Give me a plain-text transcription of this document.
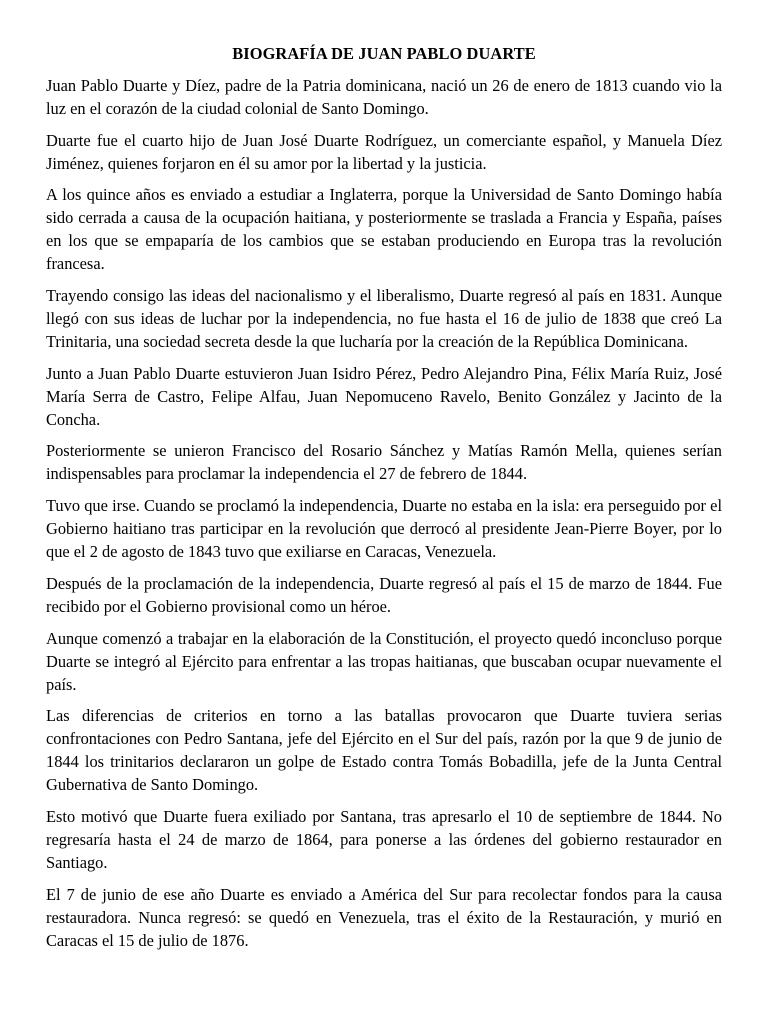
BIOGRAFÍA DE JUAN PABLO DUARTE

Juan Pablo Duarte y Díez, padre de la Patria dominicana, nació un 26 de enero de 1813 cuando vio la luz en el corazón de la ciudad colonial de Santo Domingo.

Duarte fue el cuarto hijo de Juan José Duarte Rodríguez, un comerciante español, y Manuela Díez Jiménez, quienes forjaron en él su amor por la libertad y la justicia.

A los quince años es enviado a estudiar a Inglaterra, porque la Universidad de Santo Domingo había sido cerrada a causa de la ocupación haitiana, y posteriormente se traslada a Francia y España, países en los que se empaparía de los cambios que se estaban produciendo en Europa tras la revolución francesa.

Trayendo consigo las ideas del nacionalismo y el liberalismo, Duarte regresó al país en 1831. Aunque llegó con sus ideas de luchar por la independencia, no fue hasta el 16 de julio de 1838 que creó La Trinitaria, una sociedad secreta desde la que lucharía por la creación de la República Dominicana.

Junto a Juan Pablo Duarte estuvieron Juan Isidro Pérez, Pedro Alejandro Pina, Félix María Ruiz, José María Serra de Castro, Felipe Alfau, Juan Nepomuceno Ravelo, Benito González y Jacinto de la Concha.

Posteriormente se unieron Francisco del Rosario Sánchez y Matías Ramón Mella, quienes serían indispensables para proclamar la independencia el 27 de febrero de 1844.

Tuvo que irse. Cuando se proclamó la independencia, Duarte no estaba en la isla: era perseguido por el Gobierno haitiano tras participar en la revolución que derrocó al presidente Jean-Pierre Boyer, por lo que el 2 de agosto de 1843 tuvo que exiliarse en Caracas, Venezuela.

Después de la proclamación de la independencia, Duarte regresó al país el 15 de marzo de 1844. Fue recibido por el Gobierno provisional como un héroe.

Aunque comenzó a trabajar en la elaboración de la Constitución, el proyecto quedó inconcluso porque Duarte se integró al Ejército para enfrentar a las tropas haitianas, que buscaban ocupar nuevamente el país.

Las diferencias de criterios en torno a las batallas provocaron que Duarte tuviera serias confrontaciones con Pedro Santana, jefe del Ejército en el Sur del país, razón por la que 9 de junio de 1844 los trinitarios declararon un golpe de Estado contra Tomás Bobadilla, jefe de la Junta Central Gubernativa de Santo Domingo.

Esto motivó que Duarte fuera exiliado por Santana, tras apresarlo el 10 de septiembre de 1844. No regresaría hasta el 24 de marzo de 1864, para ponerse a las órdenes del gobierno restaurador en Santiago.

El 7 de junio de ese año Duarte es enviado a América del Sur para recolectar fondos para la causa restauradora. Nunca regresó: se quedó en Venezuela, tras el éxito de la Restauración, y murió en Caracas el 15 de julio de 1876.
